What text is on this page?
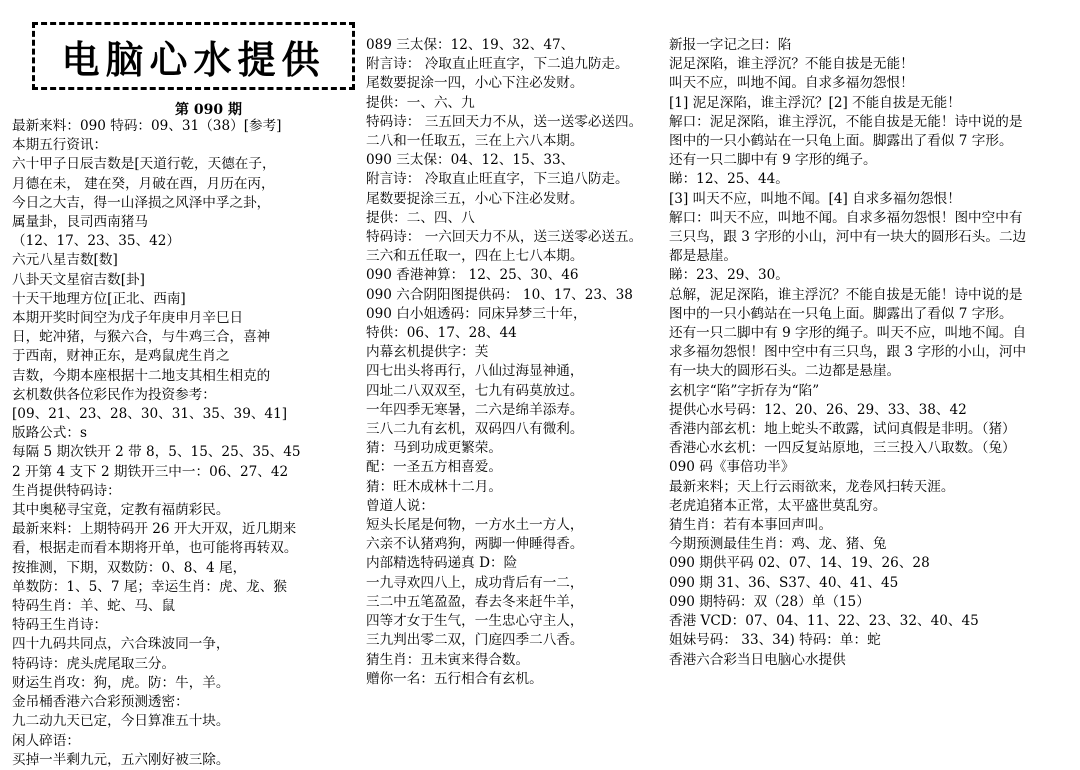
电脑心水提供
第 090 期
最新来料：090 特码：09、31（38）[参考]
本期五行资讯：
六十甲子日辰吉数是[天道行乾，天德在子，
月德在未， 建在癸，月破在酉，月历在丙，
今日之大吉，得一山泽损之风泽中孚之卦，
属量卦，艮司西南猪马
（12、17、23、35、42）
六元八星吉数[数]
八卦天文星宿吉数[卦]
十天干地理方位[正北、西南]
本期开奖时间空为戊子年庚申月辛巳日
日，蛇冲猪，与猴六合，与牛鸡三合，喜神
于西南，财神正东，是鸡鼠虎生肖之
吉数，今期本座根据十二地支其相生相克的
玄机数供各位彩民作为投资参考：
[09、21、23、28、30、31、35、39、41]
版路公式：s
每隔 5 期次铁开 2 带 8，5、15、25、35、45
2 开第 4 支下 2 期铁开三中一：06、27、42
生肖提供特码诗：
其中奥秘寻宝竟，定教有福荫彩民。
最新来料：上期特码开 26 开大开双，近几期来
看，根据走而看本期将开单，也可能将再转双。
按推测，下期，双数防：0、8、4 尾，
单数防：1、5、7 尾；幸运生肖：虎、龙、猴
特码生肖：羊、蛇、马、鼠
特码王生肖诗：
四十九码共同点，六合珠波同一争，
特码诗：虎头虎尾取三分。
财运生肖攻：狗，虎。防：牛，羊。
金吊桶香港六合彩预测透密：
九二动九天已定，今日算准五十块。
闲人碎语：
买掉一半剩九元，五六刚好被三除。
089 三太保：12、19、32、47、
附言诗： 冷取直止旺直字，下二追九防走。
尾数要捉涂一四，小心下注必发财。
提供：一、六、九
特码诗： 三五回天力不从，送一送零必送四。
二八和一任取五，三在上六八本期。
090 三太保：04、12、15、33、
附言诗： 冷取直止旺直字，下三追八防走。
尾数要捉涂三五，小心下注必发财。
提供：二、四、八
特码诗： 一六回天力不从，送三送零必送五。
三六和五任取一，四在上七八本期。
090 香港神算： 12、25、30、46
090 六合阴阳图提供码： 10、17、23、38
090 白小姐透码：同床异梦三十年，
特供：06、17、28、44
内幕玄机提供字：芙
四七出头将再行，八仙过海显神通，
四址二八双双至，七九有码莫放过。
一年四季无寒暑，二六是绵羊添寿。
三八二九有玄机，双码四八有微利。
猜：马到功成更繁荣。
配：一圣五方相喜爱。
猜：旺木成林十二月。
曾道人说：
短头长尾是何物，一方水土一方人，
六亲不认猪鸡狗，两脚一伸睡得香。
内部精选特码递真 D：险
一九寻欢四八上，成功背后有一二，
三二中五笔盈盈，春去冬来赶牛羊，
四等才女于生气，一生忠心守主人，
三九判出零二双，门庭四季二八香。
猜生肖：丑未寅来得合数。
赠你一名：五行相合有玄机。
新报一字记之曰：陷
泥足深陷，谁主浮沉？不能自拔是无能！
叫天不应，叫地不闻。自求多福勿怨恨！
[1] 泥足深陷，谁主浮沉？[2] 不能自拔是无能！
解口：泥足深陷，谁主浮沉，不能自拔是无能！诗中说的是
图中的一只小鹤站在一只龟上面。脚露出了看似 7 字形。
还有一只二脚中有 9 字形的绳子。
睇：12、25、44。
[3] 叫天不应，叫地不闻。[4] 自求多福勿怨恨！
解口：叫天不应，叫地不闻。自求多福勿怨恨！图中空中有
三只鸟，跟 3 字形的小山，河中有一块大的圆形石头。二边
都是悬崖。
睇：23、29、30。
总解，泥足深陷，谁主浮沉？不能自拔是无能！诗中说的是
图中的一只小鹤站在一只龟上面。脚露出了看似 7 字形。
还有一只二脚中有 9 字形的绳子。叫天不应，叫地不闻。自
求多福勿怨恨！图中空中有三只鸟，跟 3 字形的小山，河中
有一块大的圆形石头。二边都是悬崖。
玄机字“陷”字折存为“陷”
提供心水号码：12、20、26、29、33、38、42
香港内部玄机：地上蛇头不敢露，试问真假是非明。（猪）
香港心水玄机：一四反复站原地，三三投入八取数。（兔）
090 码《事倍功半》
最新来料；天上行云雨欲来，龙卷风扫转天涯。
老虎追猪本正常，太平盛世莫乱穷。
猜生肖：若有本事回声叫。
今期预测最佳生肖：鸡、龙、猪、兔
090 期供平码 02、07、14、19、26、28
090 期 31、36、S37、40、41、45
090 期特码：双（28）单（15）
香港 VCD：07、04、11、22、23、32、40、45
姐妹号码： 33、34) 特码：单：蛇
香港六合彩当日电脑心水提供
